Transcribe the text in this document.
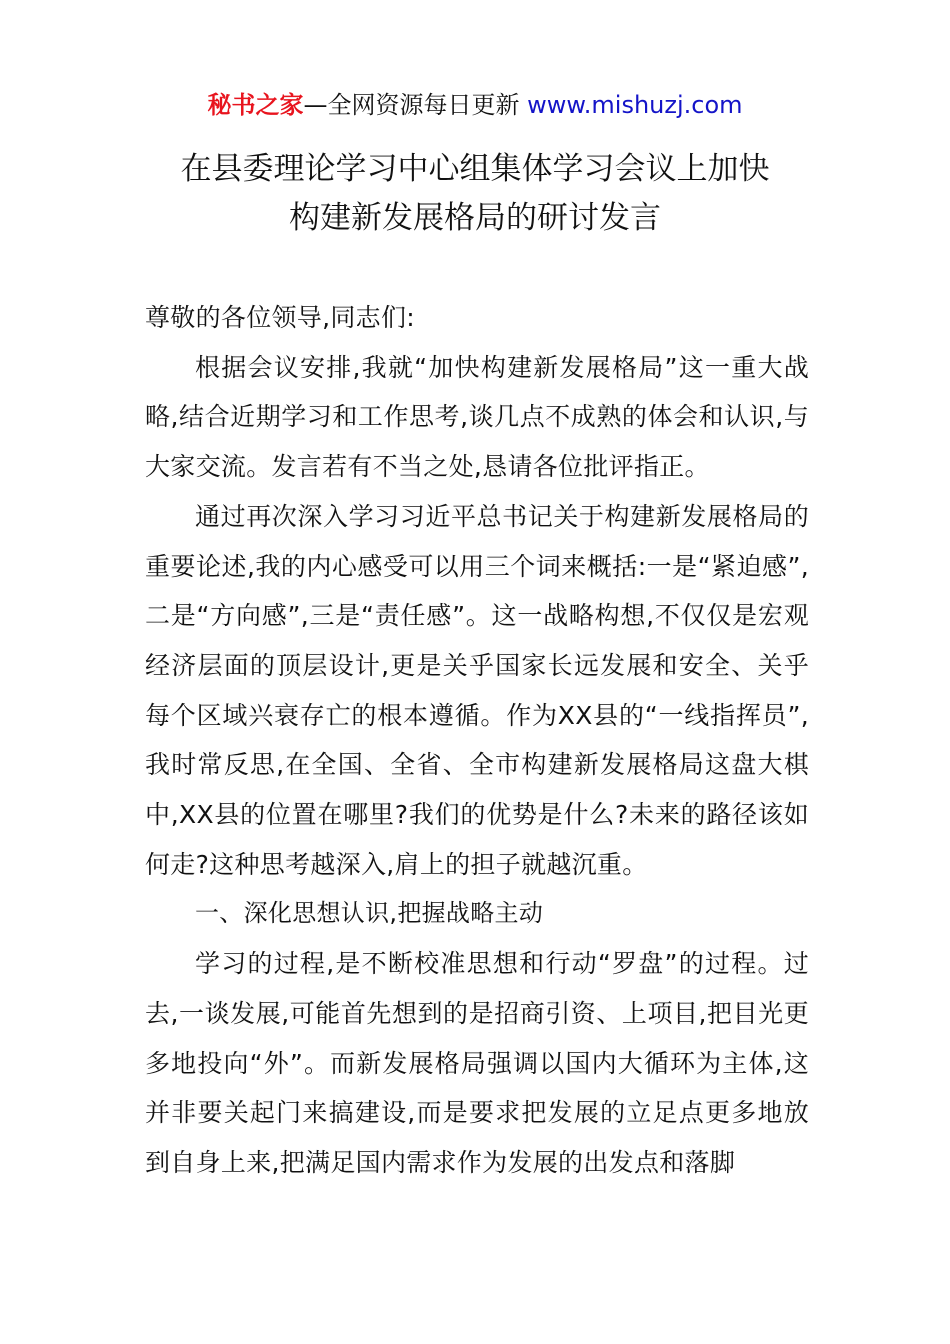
秘书之家—全网资源每日更新 www.mishuzj.com
在县委理论学习中心组集体学习会议上加快
构建新发展格局的研讨发言

尊敬的各位领导,同志们:

根据会议安排,我就“加快构建新发展格局”这一重大战略,结合近期学习和工作思考,谈几点不成熟的体会和认识,与大家交流。发言若有不当之处,恳请各位批评指正。

通过再次深入学习习近平总书记关于构建新发展格局的重要论述,我的内心感受可以用三个词来概括:一是“紧迫感”,二是“方向感”,三是“责任感”。这一战略构想,不仅仅是宏观经济层面的顶层设计,更是关乎国家长远发展和安全、关乎每个区域兴衰存亡的根本遵循。作为XX县的“一线指挥员”,我时常反思,在全国、全省、全市构建新发展格局这盘大棋中,XX县的位置在哪里?我们的优势是什么?未来的路径该如何走?这种思考越深入,肩上的担子就越沉重。

一、深化思想认识,把握战略主动

学习的过程,是不断校准思想和行动“罗盘”的过程。过去,一谈发展,可能首先想到的是招商引资、上项目,把目光更多地投向“外”。而新发展格局强调以国内大循环为主体,这并非要关起门来搞建设,而是要求把发展的立足点更多地放到自身上来,把满足国内需求作为发展的出发点和落脚
